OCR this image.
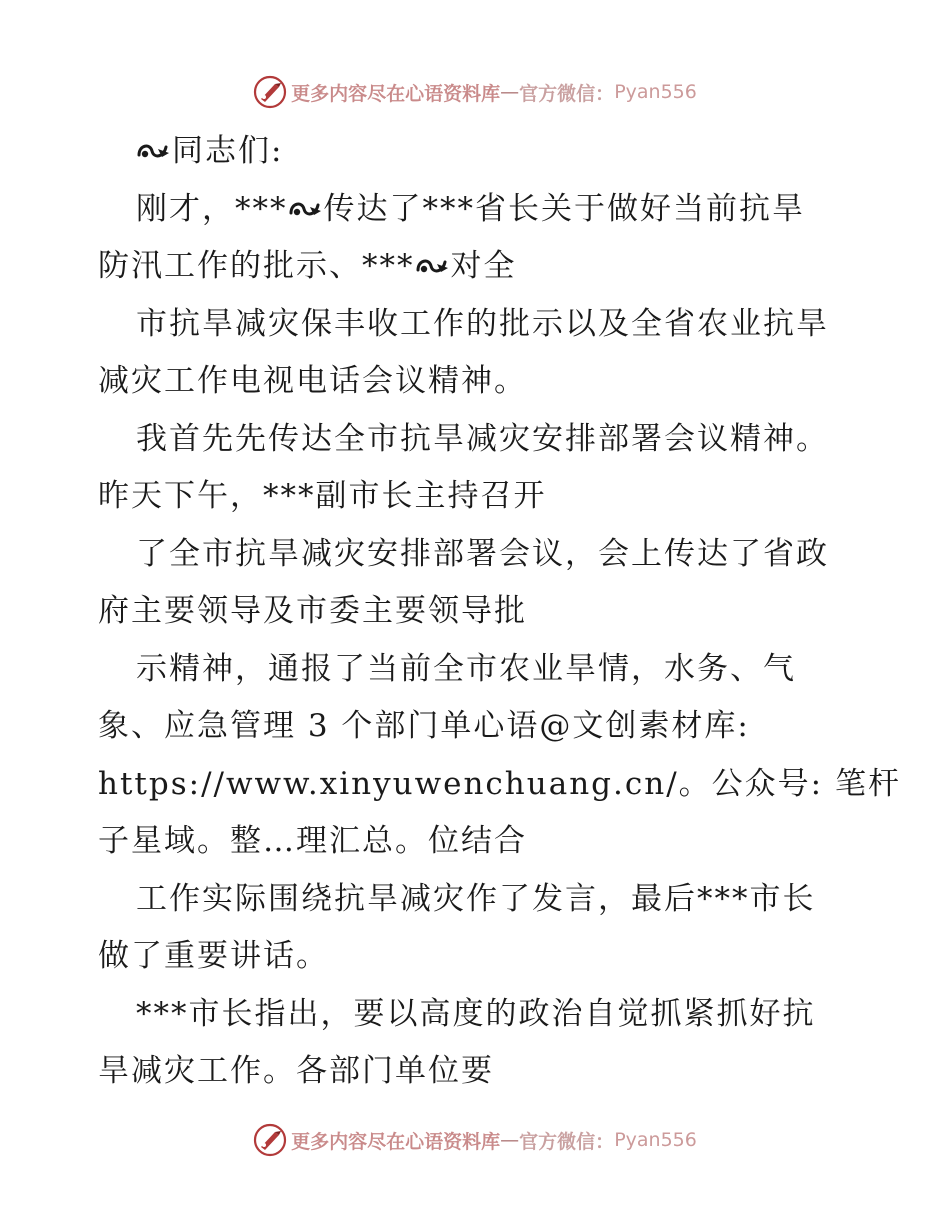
更多内容尽在心语资料库 — 官方微信： Pyan556
同志们:
刚才，*** 传达了***省长关于做好当前抗旱
防汛工作的批示、*** 对全
市抗旱减灾保丰收工作的批示以及全省农业抗旱
减灾工作电视电话会议精神。
我首先先传达全市抗旱减灾安排部署会议精神。
昨天下午，***副市长主持召开
了全市抗旱减灾安排部署会议，会上传达了省政
府主要领导及市委主要领导批
示精神，通报了当前全市农业旱情，水务、气
象、应急管理 3 个部门单心语@文创素材库:
https://www.xinyuwenchuang.cn/。公众号: 笔杆
子星域。整…理汇总。位结合
工作实际围绕抗旱减灾作了发言，最后***市长
做了重要讲话。
***市长指出，要以高度的政治自觉抓紧抓好抗
旱减灾工作。各部门单位要
更多内容尽在心语资料库 — 官方微信： Pyan556
